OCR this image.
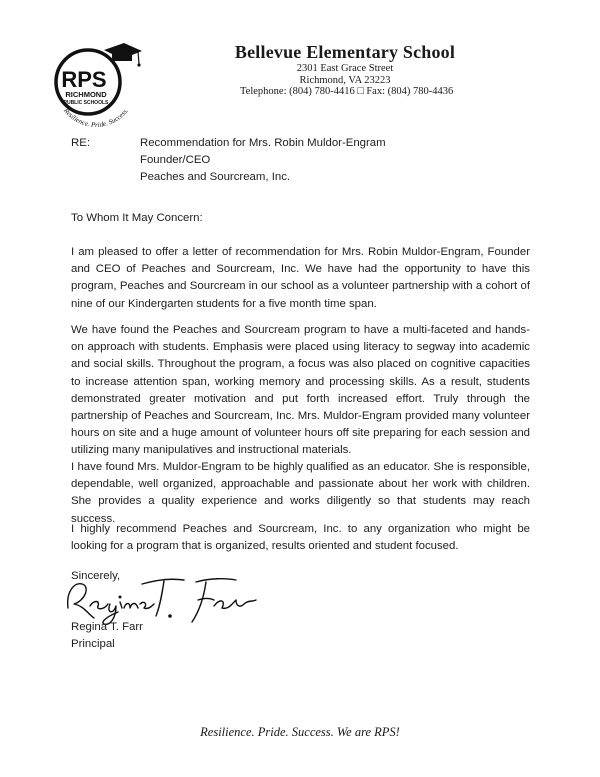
RPS
RICHMOND
PUBLIC SCHOOLS
Resilience. Pride. Success.
Bellevue Elementary School
2301 East Grace Street
Richmond, VA 23223
Telephone: (804) 780-4416 □ Fax: (804) 780-4436
RE:	Recommendation for Mrs. Robin Muldor-Engram
Founder/CEO
Peaches and Sourcream, Inc.
To Whom It May Concern:

I am pleased to offer a letter of recommendation for Mrs. Robin Muldor-Engram, Founder and CEO of Peaches and Sourcream, Inc. We have had the opportunity to have this program, Peaches and Sourcream in our school as a volunteer partnership with a cohort of nine of our Kindergarten students for a five month time span.

We have found the Peaches and Sourcream program to have a multi-faceted and hands-on approach with students. Emphasis were placed using literacy to segway into academic and social skills. Throughout the program, a focus was also placed on cognitive capacities to increase attention span, working memory and processing skills. As a result, students demonstrated greater motivation and put forth increased effort. Truly through the partnership of Peaches and Sourcream, Inc. Mrs. Muldor-Engram provided many volunteer hours on site and a huge amount of volunteer hours off site preparing for each session and utilizing many manipulatives and instructional materials.

I have found Mrs. Muldor-Engram to be highly qualified as an educator. She is responsible, dependable, well organized, approachable and passionate about her work with children. She provides a quality experience and works diligently so that students may reach success.

I highly recommend Peaches and Sourcream, Inc. to any organization who might be looking for a program that is organized, results oriented and student focused.

Sincerely,
Regina T. Farr
Principal
Resilience. Pride. Success. We are RPS!
